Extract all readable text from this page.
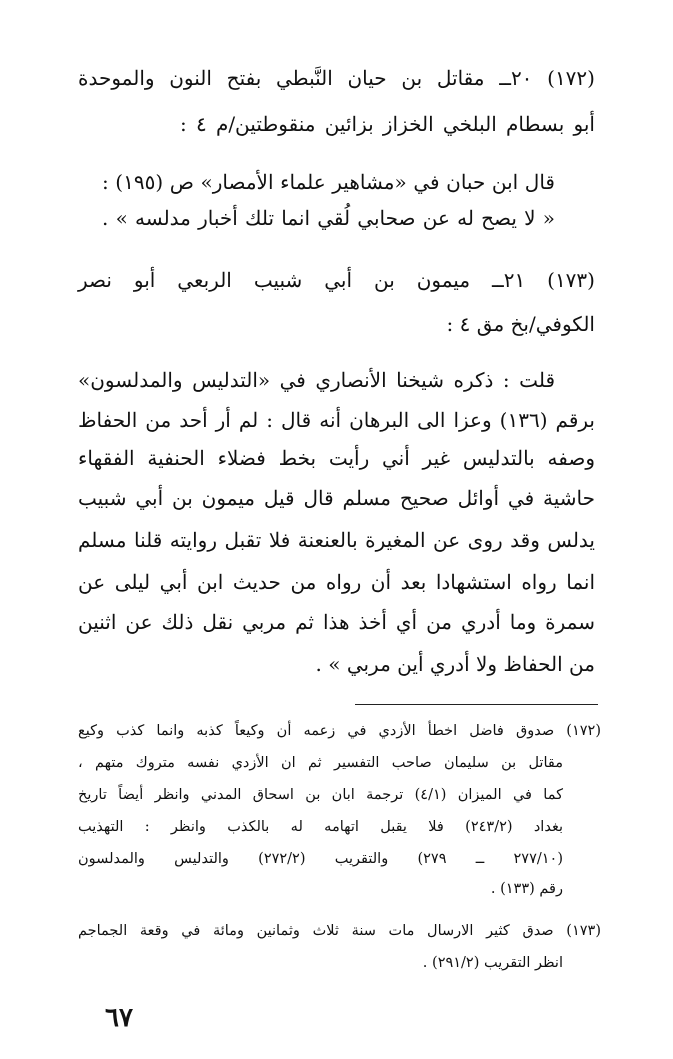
(١٧٢) ٢٠ــ مقاتل بن حيان النَّبطي بفتح النون والموحدة
أبو بسطام البلخي الخزاز بزائين منقوطتين/م ٤ :
قال ابن حبان في «مشاهير علماء الأمصار» ص (١٩٥) :
« لا يصح له عن صحابي لُقي انما تلك أخبار مدلسه » .
(١٧٣) ٢١ــ ميمون بن أبي شبيب الربعي أبو نصر
الكوفي/بخ مق ٤ :
قلت : ذكره شيخنا الأنصاري في «التدليس والمدلسون»
برقم (١٣٦) وعزا الى البرهان أنه قال : لم أر أحد من الحفاظ
وصفه بالتدليس غير أني رأيت بخط فضلاء الحنفية الفقهاء
حاشية في أوائل صحيح مسلم قال قيل ميمون بن أبي شبيب
يدلس وقد روى عن المغيرة بالعنعنة فلا تقبل روايته قلنا مسلم
انما رواه استشهادا بعد أن رواه من حديث ابن أبي ليلى عن
سمرة وما أدري من أي أخذ هذا ثم مربي نقل ذلك عن اثنين
من الحفاظ ولا أدري أين مربي » .
(١٧٢) صدوق فاضل اخطأ الأزدي في زعمه أن وكيعاً كذبه وانما كذب وكيع
مقاتل بن سليمان صاحب التفسير ثم ان الأزدي نفسه متروك متهم ،
كما في الميزان (٤/١) ترجمة ابان بن اسحاق المدني وانظر أيضاً تاريخ
بغداد (٢٤٣/٢) فلا يقبل اتهامه له بالكذب وانظر : التهذيب
(٢٧٧/١٠ ــ ٢٧٩) والتقريب (٢٧٢/٢) والتدليس والمدلسون
رقم (١٣٣) .
(١٧٣) صدق كثير الارسال مات سنة ثلاث وثمانين ومائة في وقعة الجماجم
انظر التقريب (٢٩١/٢) .
٦٧
